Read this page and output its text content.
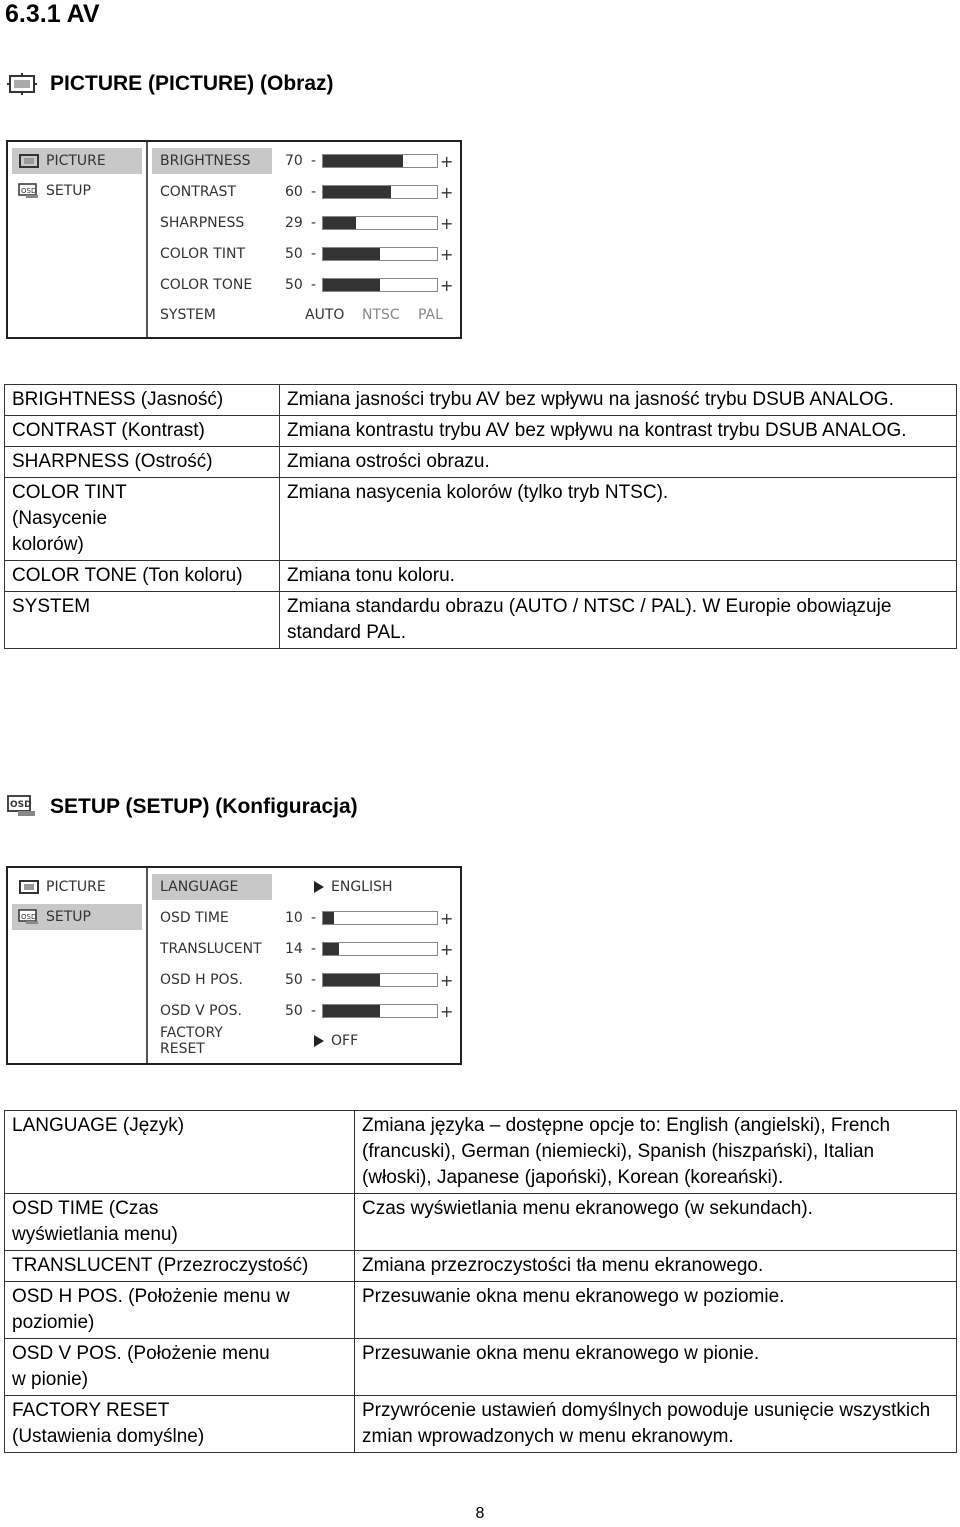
6.3.1 AV
PICTURE (PICTURE) (Obraz)
PICTURE
OSD SETUP
BRIGHTNESS
CONTRAST
SHARPNESS
COLOR TINT
COLOR TONE
SYSTEM
70 -	+
60 -	+
29 -	+
50 -	+
50 -	+
AUTO NTSC PAL
BRIGHTNESS (Jasność)	Zmiana jasności trybu AV bez wpływu na jasność trybu DSUB ANALOG.
CONTRAST (Kontrast)	Zmiana kontrastu trybu AV bez wpływu na kontrast trybu DSUB ANALOG.
SHARPNESS (Ostrość)	Zmiana ostrości obrazu.
COLOR TINT (Nasycenie kolorów)	Zmiana nasycenia kolorów (tylko tryb NTSC).
COLOR TONE (Ton koloru)	Zmiana tonu koloru.
SYSTEM	Zmiana standardu obrazu (AUTO / NTSC / PAL). W Europie obowiązuje standard PAL.
OSD SETUP (SETUP) (Konfiguracja)
PICTURE
OSD SETUP
LANGUAGE
OSD TIME
TRANSLUCENT
OSD H POS.
OSD V POS.
FACTORY RESET
ENGLISH
10 -	+
14 -	+
50 -	+
50 -	+
OFF
LANGUAGE (Język)	Zmiana języka – dostępne opcje to: English (angielski), French (francuski), German (niemiecki), Spanish (hiszpański), Italian (włoski), Japanese (japoński), Korean (koreański).
OSD TIME (Czas wyświetlania menu)	Czas wyświetlania menu ekranowego (w sekundach).
TRANSLUCENT (Przezroczystość)	Zmiana przezroczystości tła menu ekranowego.
OSD H POS. (Położenie menu w poziomie)	Przesuwanie okna menu ekranowego w poziomie.
OSD V POS. (Położenie menu w pionie)	Przesuwanie okna menu ekranowego w pionie.
FACTORY RESET (Ustawienia domyślne)	Przywrócenie ustawień domyślnych powoduje usunięcie wszystkich zmian wprowadzonych w menu ekranowym.
8
